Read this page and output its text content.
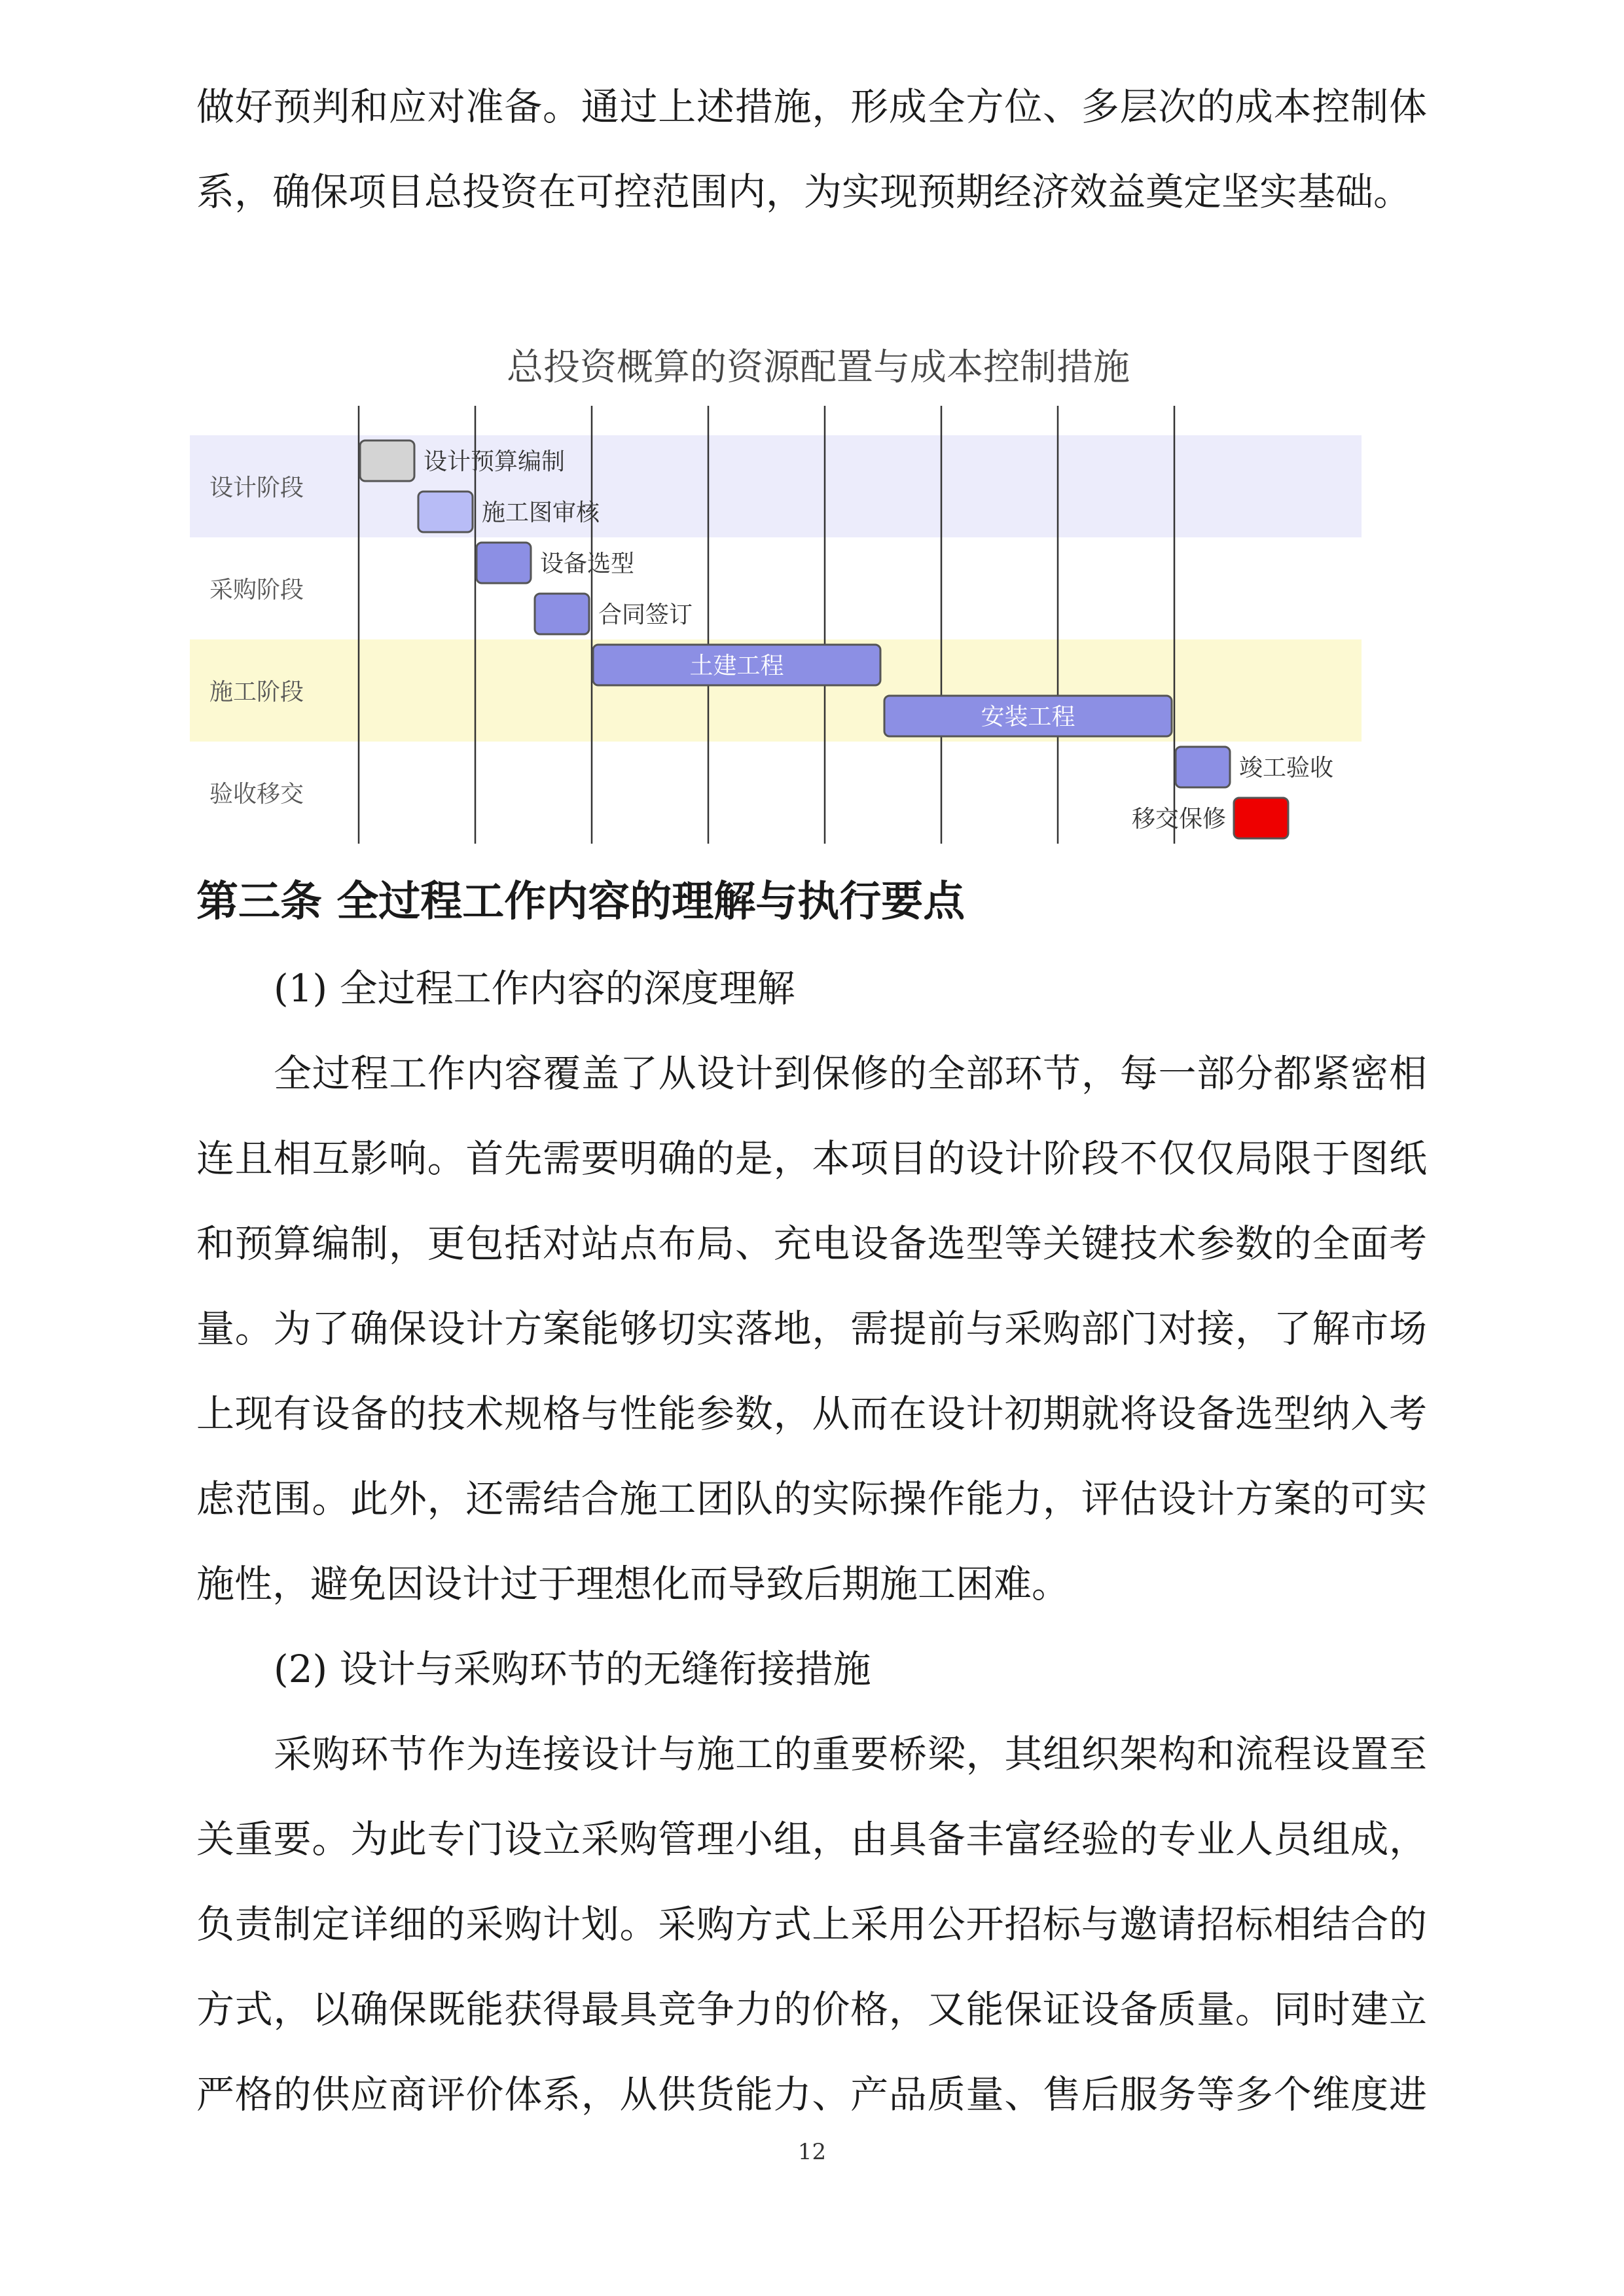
做好预判和应对准备。通过上述措施，形成全方位、多层次的成本控制体
系，确保项目总投资在可控范围内，为实现预期经济效益奠定坚实基础。
总投资概算的资源配置与成本控制措施
设计阶段
采购阶段
施工阶段
验收移交
设计预算编制
施工图审核
设备选型
合同签订
土建工程
安装工程
竣工验收
移交保修
第三条 全过程工作内容的理解与执行要点
(1) 全过程工作内容的深度理解
全过程工作内容覆盖了从设计到保修的全部环节，每一部分都紧密相
连且相互影响。首先需要明确的是，本项目的设计阶段不仅仅局限于图纸
和预算编制，更包括对站点布局、充电设备选型等关键技术参数的全面考
量。为了确保设计方案能够切实落地，需提前与采购部门对接，了解市场
上现有设备的技术规格与性能参数，从而在设计初期就将设备选型纳入考
虑范围。此外，还需结合施工团队的实际操作能力，评估设计方案的可实
施性，避免因设计过于理想化而导致后期施工困难。
(2) 设计与采购环节的无缝衔接措施
采购环节作为连接设计与施工的重要桥梁，其组织架构和流程设置至
关重要。为此专门设立采购管理小组，由具备丰富经验的专业人员组成，
负责制定详细的采购计划。采购方式上采用公开招标与邀请招标相结合的
方式，以确保既能获得最具竞争力的价格，又能保证设备质量。同时建立
严格的供应商评价体系，从供货能力、产品质量、售后服务等多个维度进
12
